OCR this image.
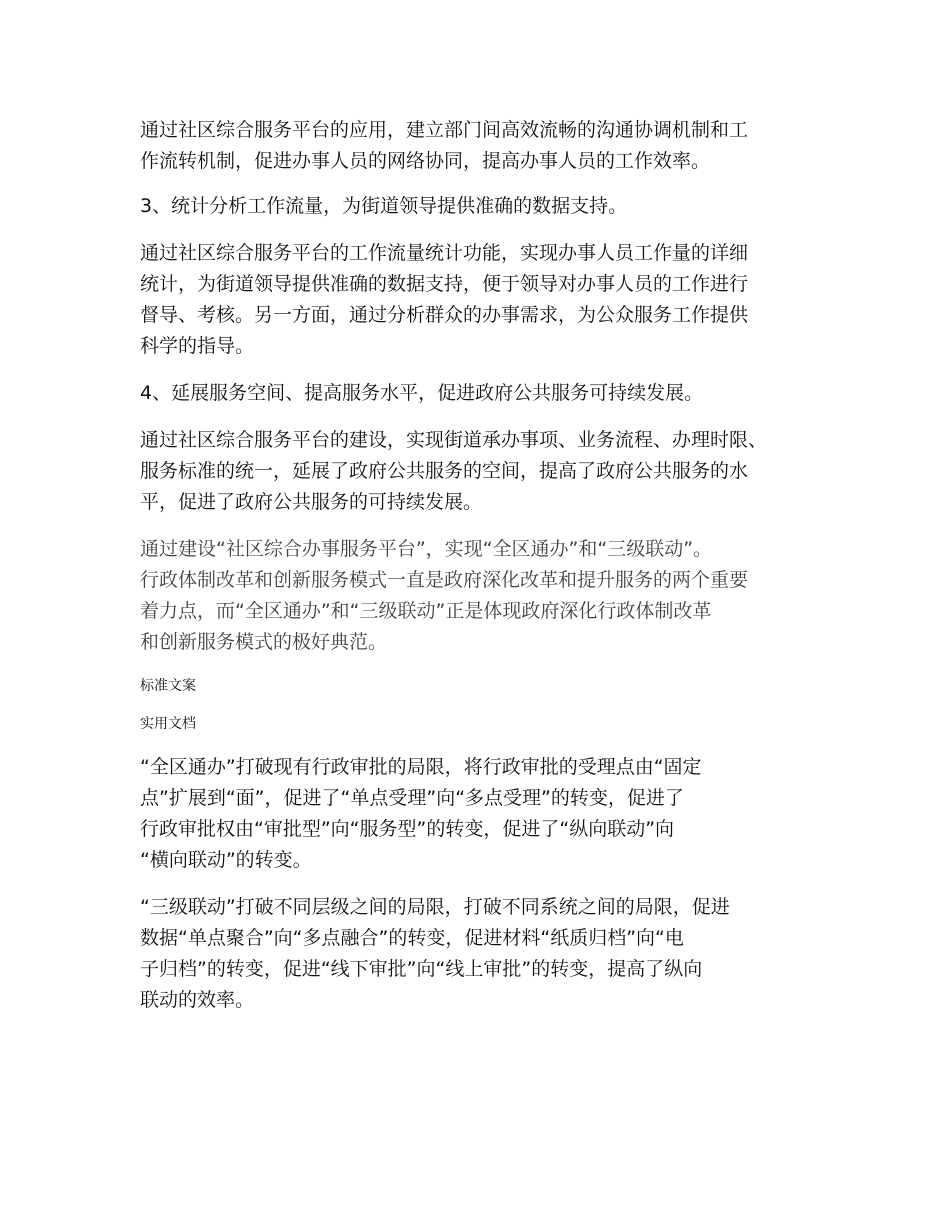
通过社区综合服务平台的应用，建立部门间高效流畅的沟通协调机制和工
作流转机制，促进办事人员的网络协同，提高办事人员的工作效率。

3、统计分析工作流量，为街道领导提供准确的数据支持。

通过社区综合服务平台的工作流量统计功能，实现办事人员工作量的详细
统计，为街道领导提供准确的数据支持，便于领导对办事人员的工作进行
督导、考核。另一方面，通过分析群众的办事需求，为公众服务工作提供
科学的指导。

4、延展服务空间、提高服务水平，促进政府公共服务可持续发展。

通过社区综合服务平台的建设，实现街道承办事项、业务流程、办理时限、
服务标准的统一，延展了政府公共服务的空间，提高了政府公共服务的水
平，促进了政府公共服务的可持续发展。

通过建设“社区综合办事服务平台”，实现“全区通办”和“三级联动”。
行政体制改革和创新服务模式一直是政府深化改革和提升服务的两个重要
着力点，而“全区通办”和“三级联动”正是体现政府深化行政体制改革
和创新服务模式的极好典范。

标准文案

实用文档

“全区通办”打破现有行政审批的局限，将行政审批的受理点由“固定
点”扩展到“面”，促进了“单点受理”向“多点受理”的转变，促进了
行政审批权由“审批型”向“服务型”的转变，促进了“纵向联动”向
“横向联动”的转变。

“三级联动”打破不同层级之间的局限，打破不同系统之间的局限，促进
数据“单点聚合”向“多点融合”的转变，促进材料“纸质归档”向“电
子归档”的转变，促进“线下审批”向“线上审批”的转变，提高了纵向
联动的效率。
